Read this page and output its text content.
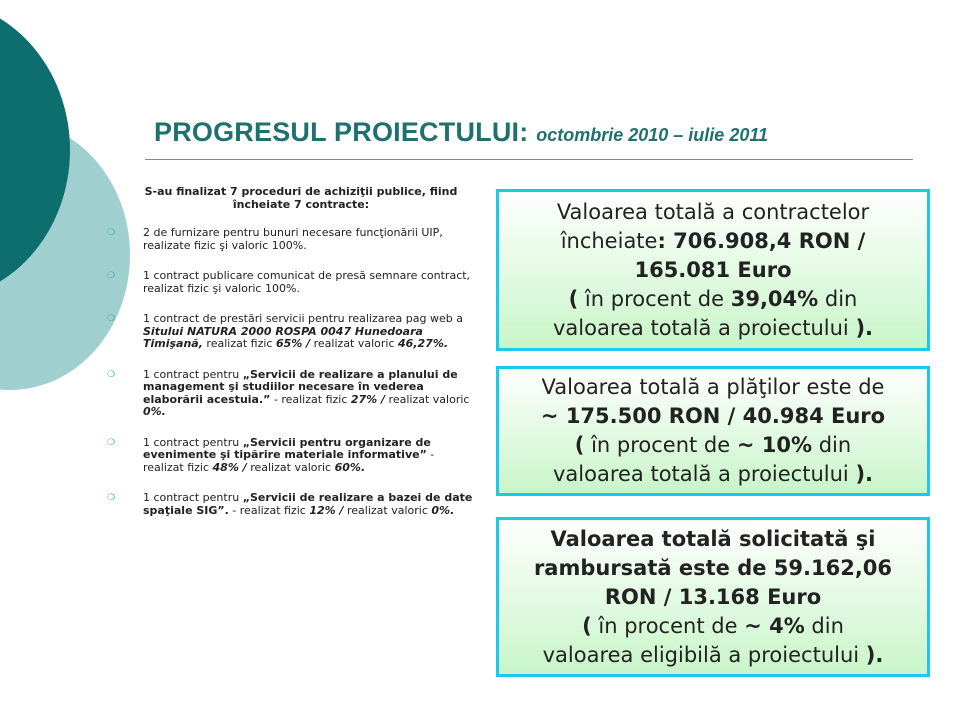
PROGRESUL PROIECTULUI: octombrie 2010 – iulie 2011

S-au finalizat 7 proceduri de achiziţii publice, fiind încheiate 7 contracte:

❍	2 de furnizare pentru bunuri necesare funcţionării UIP, realizate fizic şi valoric 100%.
❍	1 contract publicare comunicat de presă semnare contract, realizat fizic şi valoric 100%.
❍	1 contract de prestări servicii pentru realizarea pag web a Sitului NATURA 2000 ROSPA 0047 Hunedoara Timişană, realizat fizic 65% / realizat valoric 46,27%.
❍	1 contract pentru „Servicii de realizare a planului de management şi studiilor necesare în vederea elaborării acestuia.” - realizat fizic 27% / realizat valoric 0%.
❍	1 contract pentru „Servicii pentru organizare de evenimente şi tipărire materiale informative” - realizat fizic 48% / realizat valoric 60%.
❍	1 contract pentru „Servicii de realizare a bazei de date spaţiale SIG”. - realizat fizic 12% / realizat valoric 0%.

Valoarea totală a contractelor
încheiate: 706.908,4 RON /
165.081 Euro
( în procent de 39,04% din
valoarea totală a proiectului ).

Valoarea totală a plăţilor este de
~ 175.500 RON / 40.984 Euro
( în procent de ~ 10% din
valoarea totală a proiectului ).

Valoarea totală solicitată şi
rambursată este de 59.162,06
RON / 13.168 Euro
( în procent de ~ 4% din
valoarea eligibilă a proiectului ).
